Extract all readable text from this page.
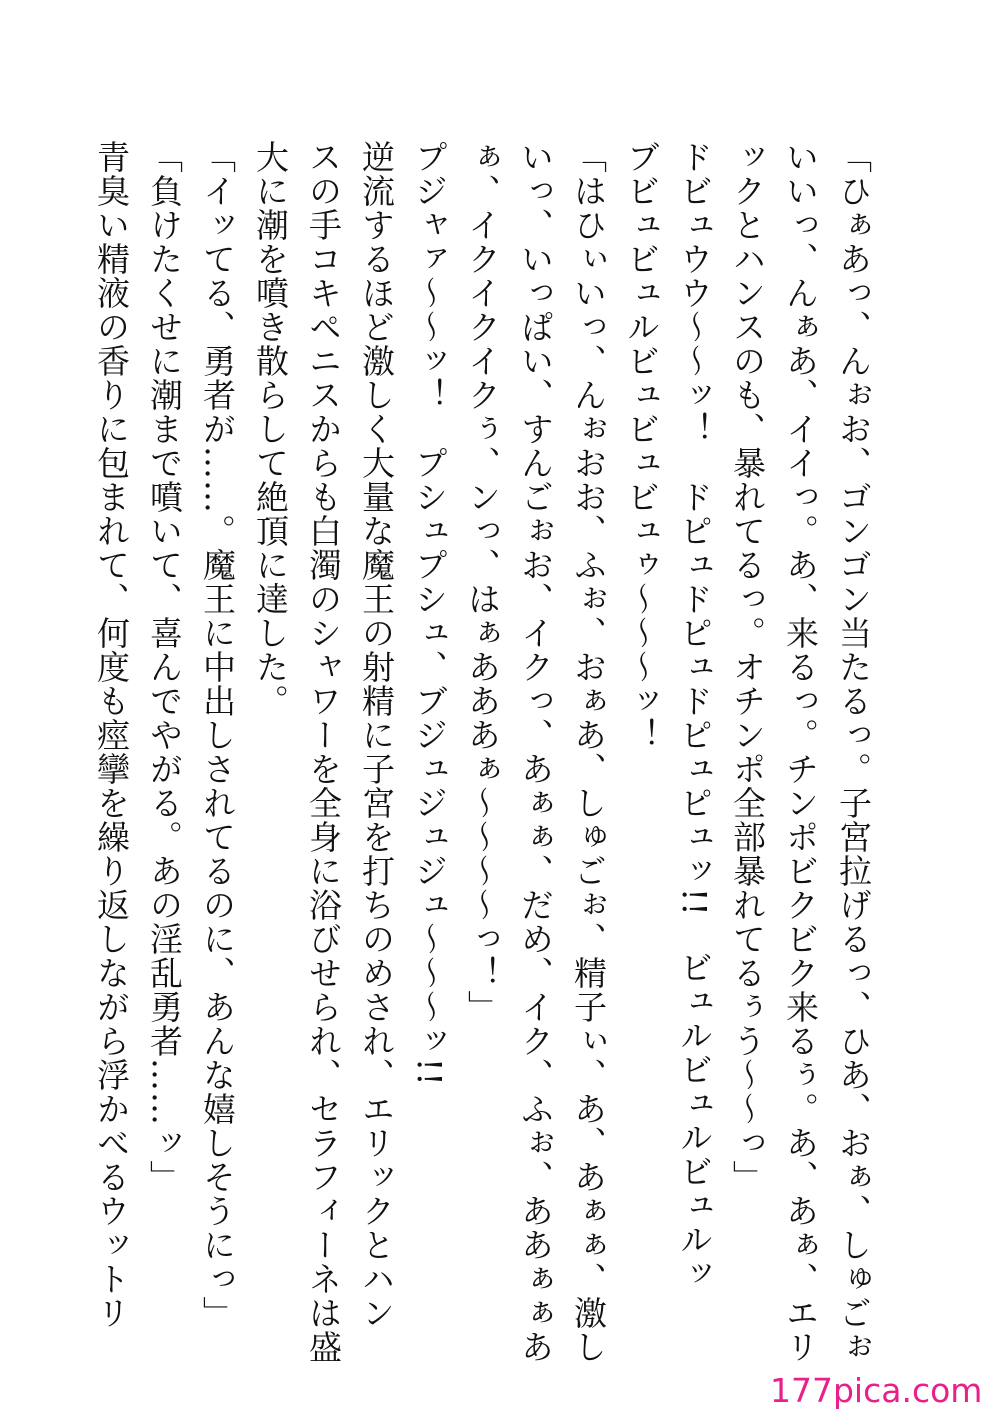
「ひぁあっ、んぉお、ゴンゴン当たるっ。子宮拉げるっ、ひあ、おぁ、しゅごぉ

いいっ、んぁあ、イイっ。あ、来るっ。チンポビクビク来るぅ。あ、あぁ、エリ

ックとハンスのも、暴れてるっ。オチンポ全部暴れてるぅう〜〜っ」

ドビュウウ〜〜ッ！　ドピュドピュドピュピュッ!!　ビュルビュルビュルッ

ブビュビュルビュビュビュゥ〜〜〜ッ！

「はひぃいっ、んぉおお、ふぉ、おぁあ、しゅごぉ、精子ぃ、あ、あぁぁ、激し

いっ、いっぱい、すんごぉお、イクっ、あぁぁ、だめ、イク、ふぉ、ああぁぁあ

ぁ、イクイクイクぅ、ンっ、はぁあああぁ〜〜〜〜っ！」

プジャァ〜〜ッ！　プシュプシュ、ブジュジュジュ〜〜〜ッ!!

逆流するほど激しく大量な魔王の射精に子宮を打ちのめされ、エリックとハン

スの手コキペニスからも白濁のシャワーを全身に浴びせられ、セラフィーネは盛

大に潮を噴き散らして絶頂に達した。

「イッてる、勇者が……。魔王に中出しされてるのに、あんな嬉しそうにっ」

「負けたくせに潮まで噴いて、喜んでやがる。あの淫乱勇者……ッ」

青臭い精液の香りに包まれて、何度も痙攣を繰り返しながら浮かべるウットリ

177pica.com
